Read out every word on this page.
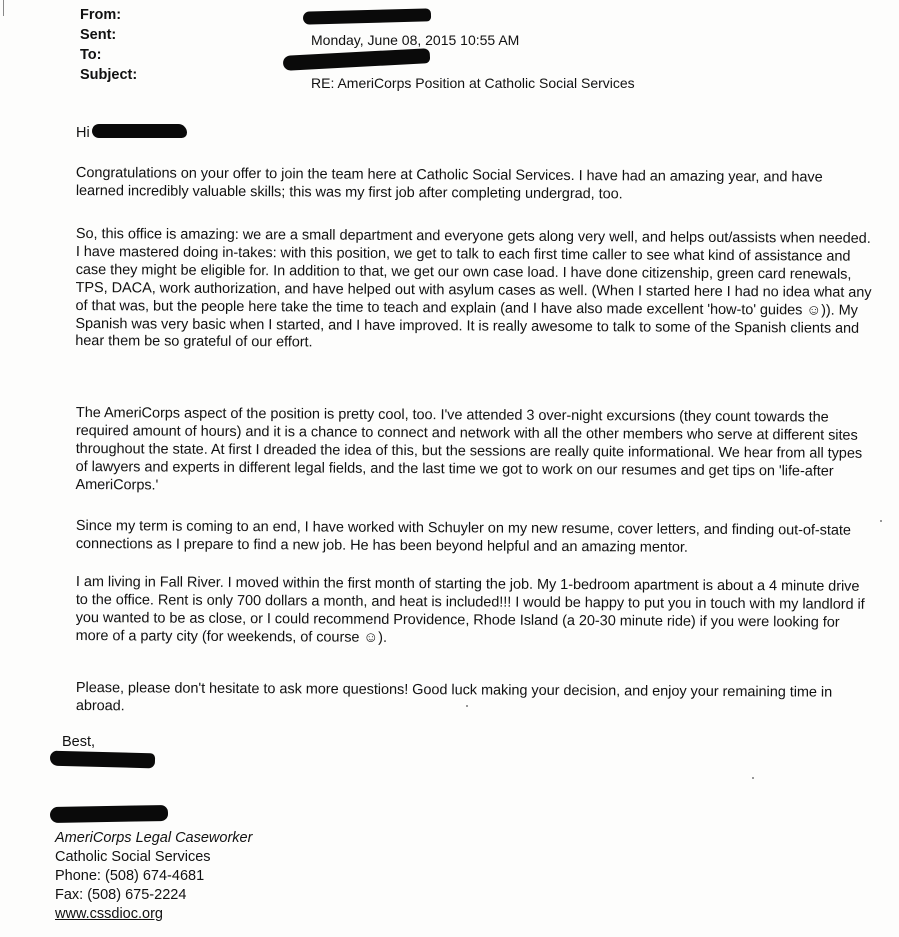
From:
Sent:	Monday, June 08, 2015 10:55 AM
To:
Subject:	RE: AmeriCorps Position at Catholic Social Services
Hi
Congratulations on your offer to join the team here at Catholic Social Services. I have had an amazing year, and have learned incredibly valuable skills; this was my first job after completing undergrad, too.
So, this office is amazing: we are a small department and everyone gets along very well, and helps out/assists when needed. I have mastered doing in-takes: with this position, we get to talk to each first time caller to see what kind of assistance and case they might be eligible for. In addition to that, we get our own case load. I have done citizenship, green card renewals, TPS, DACA, work authorization, and have helped out with asylum cases as well. (When I started here I had no idea what any of that was, but the people here take the time to teach and explain (and I have also made excellent 'how-to' guides ☺)). My Spanish was very basic when I started, and I have improved. It is really awesome to talk to some of the Spanish clients and hear them be so grateful of our effort.
The AmeriCorps aspect of the position is pretty cool, too. I've attended 3 over-night excursions (they count towards the required amount of hours) and it is a chance to connect and network with all the other members who serve at different sites throughout the state. At first I dreaded the idea of this, but the sessions are really quite informational. We hear from all types of lawyers and experts in different legal fields, and the last time we got to work on our resumes and get tips on 'life-after AmeriCorps.'
Since my term is coming to an end, I have worked with Schuyler on my new resume, cover letters, and finding out-of-state connections as I prepare to find a new job. He has been beyond helpful and an amazing mentor.
I am living in Fall River. I moved within the first month of starting the job. My 1-bedroom apartment is about a 4 minute drive to the office. Rent is only 700 dollars a month, and heat is included!!! I would be happy to put you in touch with my landlord if you wanted to be as close, or I could recommend Providence, Rhode Island (a 20-30 minute ride) if you were looking for more of a party city (for weekends, of course ☺).
Please, please don't hesitate to ask more questions! Good luck making your decision, and enjoy your remaining time in abroad.
Best,
AmeriCorps Legal Caseworker
Catholic Social Services
Phone: (508) 674-4681
Fax: (508) 675-2224
www.cssdioc.org
